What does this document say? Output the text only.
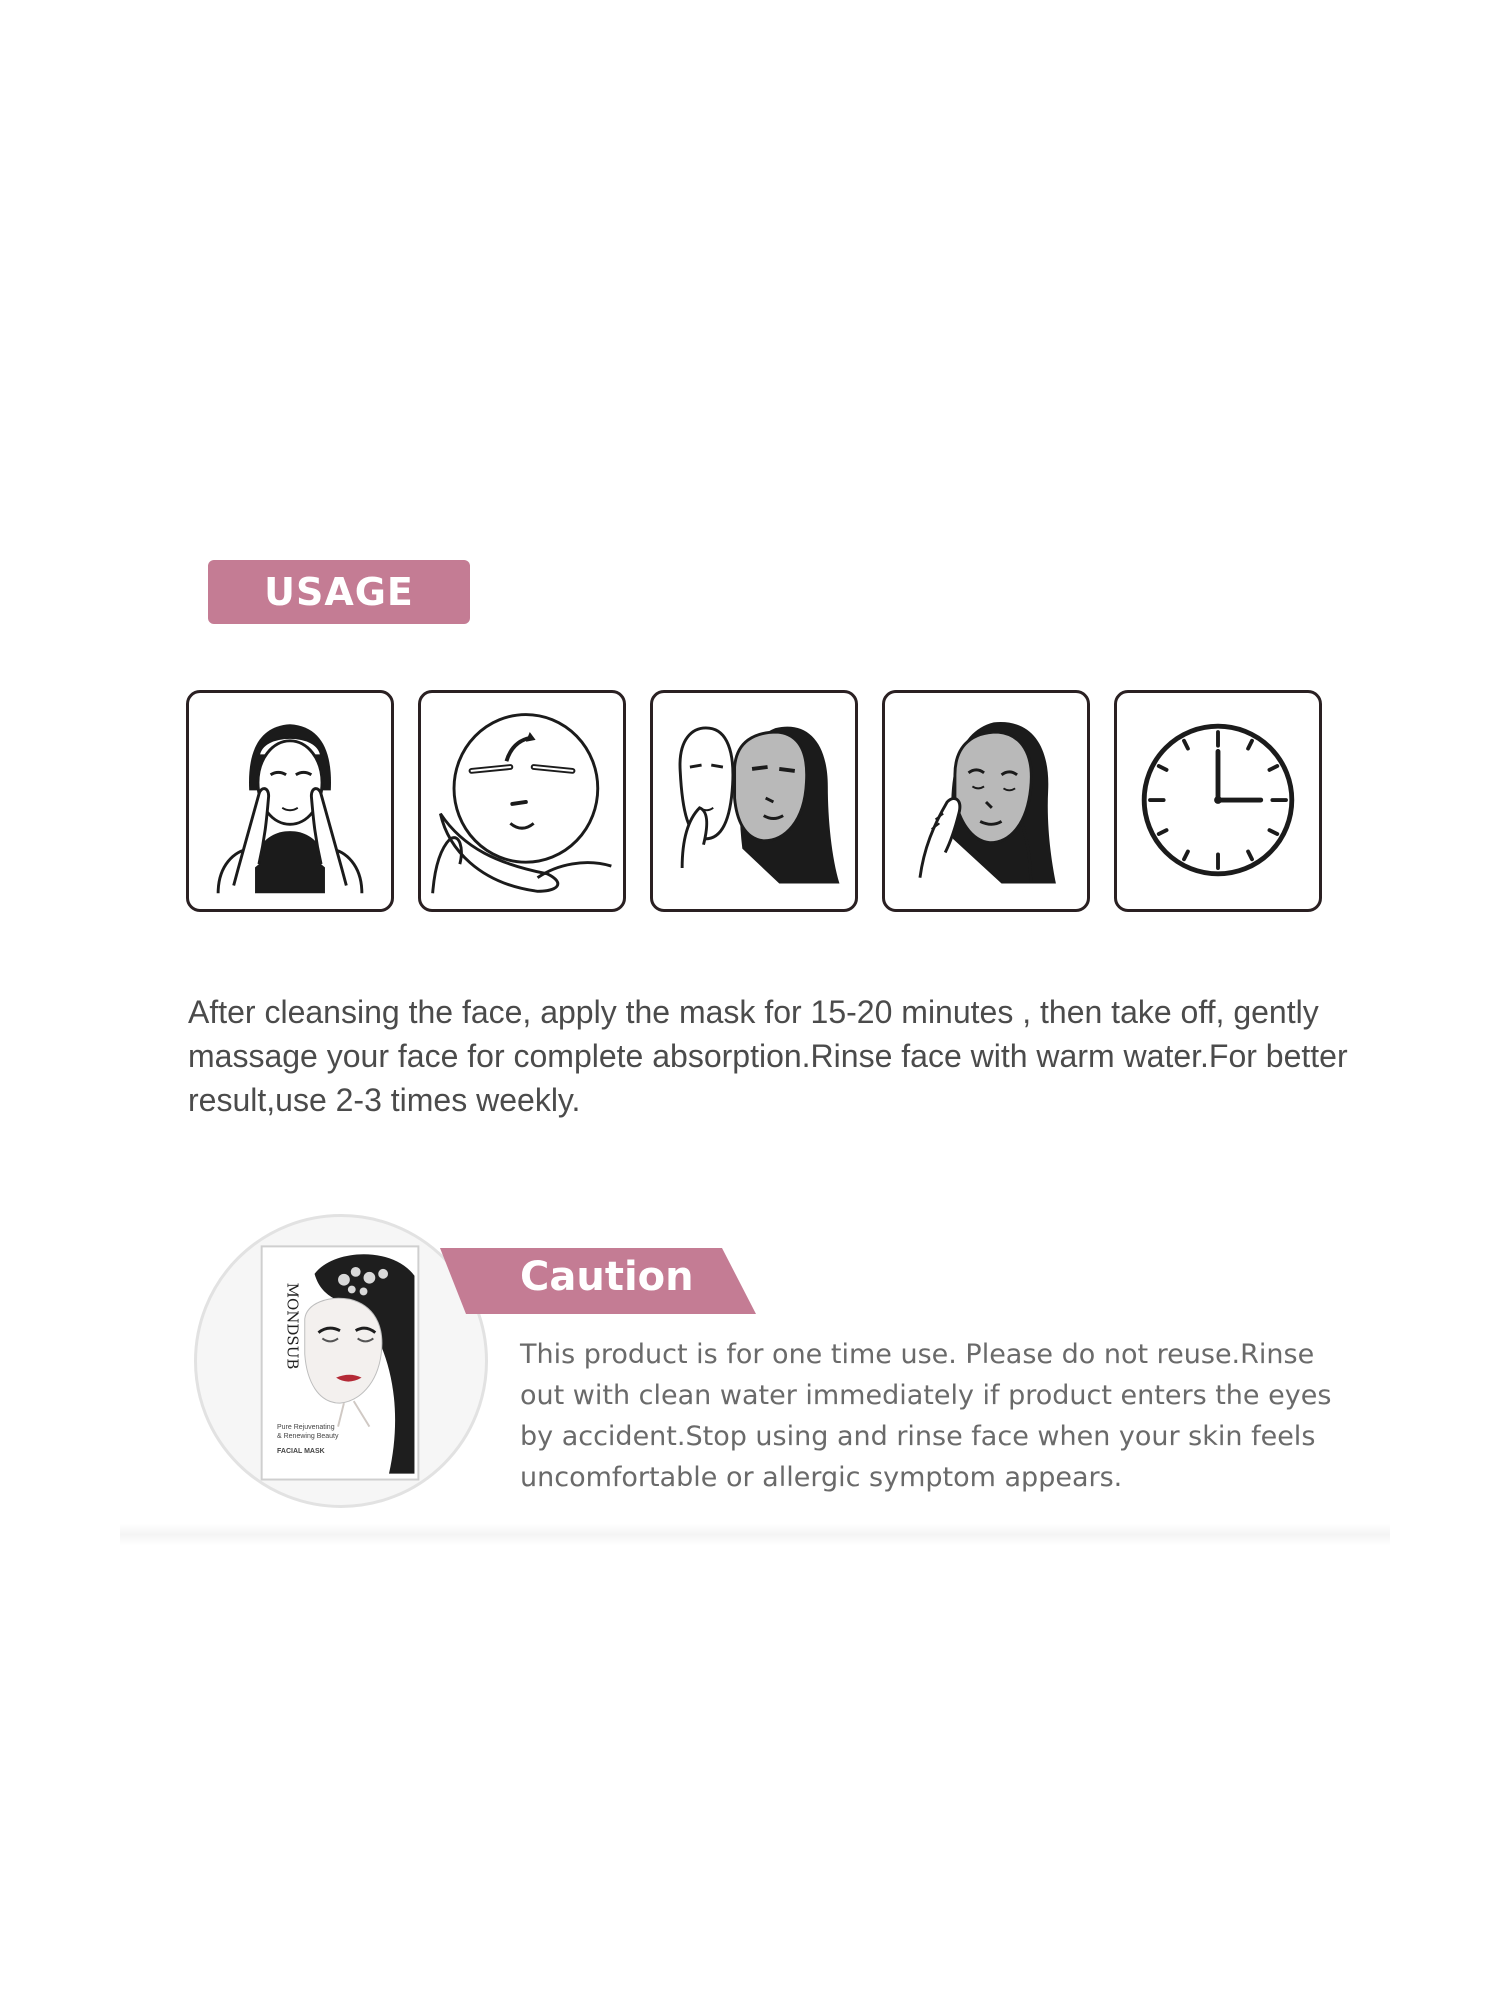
USAGE
After cleansing the face, apply the mask for 15-20 minutes , then take off, gently massage your face for complete absorption.Rinse face with warm water.For better result,use 2-3 times weekly.
MONDSUB
Pure Rejuvenating
& Renewing Beauty
FACIAL MASK
Caution
This product is for one time use. Please do not reuse.Rinse out with clean water immediately if product enters the eyes by accident.Stop using and rinse face when your skin feels uncomfortable or allergic symptom appears.
